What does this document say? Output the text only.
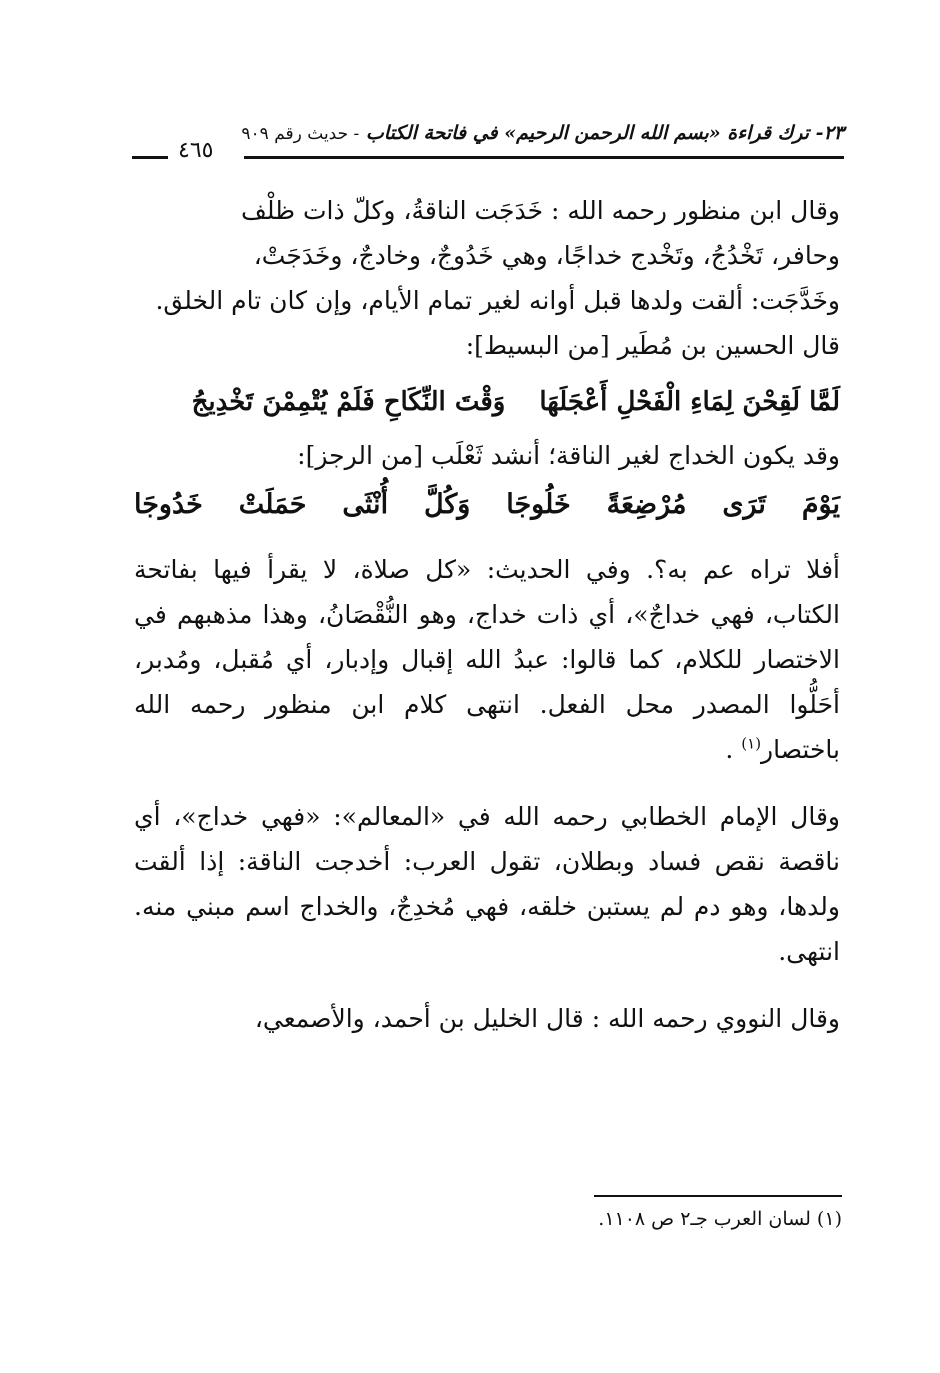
٢٣- ترك قراءة «بسم الله الرحمن الرحيم» في فاتحة الكتاب - حديث رقم ٩٠٩
٤٦٥

وقال ابن منظور رحمه الله : خَدَجَت الناقةُ، وكلّ ذات ظلْف

وحافر، تَخْدُجُ، وتَخْدج خداجًا، وهي خَدُوجٌ، وخادجٌ، وخَدَجَتْ،

وخَدَّجَت: ألقت ولدها قبل أوانه لغير تمام الأيام، وإن كان تام الخلق.

قال الحسين بن مُطَير [من البسيط]:

لَمَّا لَقِحْنَ لِمَاءِ الْفَحْلِ أَعْجَلَهَاوَقْتَ النِّكَاحِ فَلَمْ يُتْمِمْنَ تَخْدِيجُ

وقد يكون الخداج لغير الناقة؛ أنشد ثَعْلَب [من الرجز]:

يَوْمَ تَرَى مُرْضِعَةً خَلُوجَا وَكُلَّ أُنْثَى حَمَلَتْ خَدُوجَا

أفلا تراه عم به؟. وفي الحديث: «كل صلاة، لا يقرأ فيها بفاتحة الكتاب، فهي خداجٌ»، أي ذات خداج، وهو النُّقْصَانُ، وهذا مذهبهم في الاختصار للكلام، كما قالوا: عبدُ الله إقبال وإدبار، أي مُقبل، ومُدبر، أحَلُّوا المصدر محل الفعل. انتهى كلام ابن منظور رحمه الله باختصار$^{(١)}$ .

وقال الإمام الخطابي رحمه الله في «المعالم»: «فهي خداج»، أي ناقصة نقص فساد وبطلان، تقول العرب: أخدجت الناقة: إذا ألقت ولدها، وهو دم لم يستبن خلقه، فهي مُخدِجٌ، والخداج اسم مبني منه. انتهى.

وقال النووي رحمه الله : قال الخليل بن أحمد، والأصمعي،

(١) لسان العرب جـ٢ ص ١١٠٨.
